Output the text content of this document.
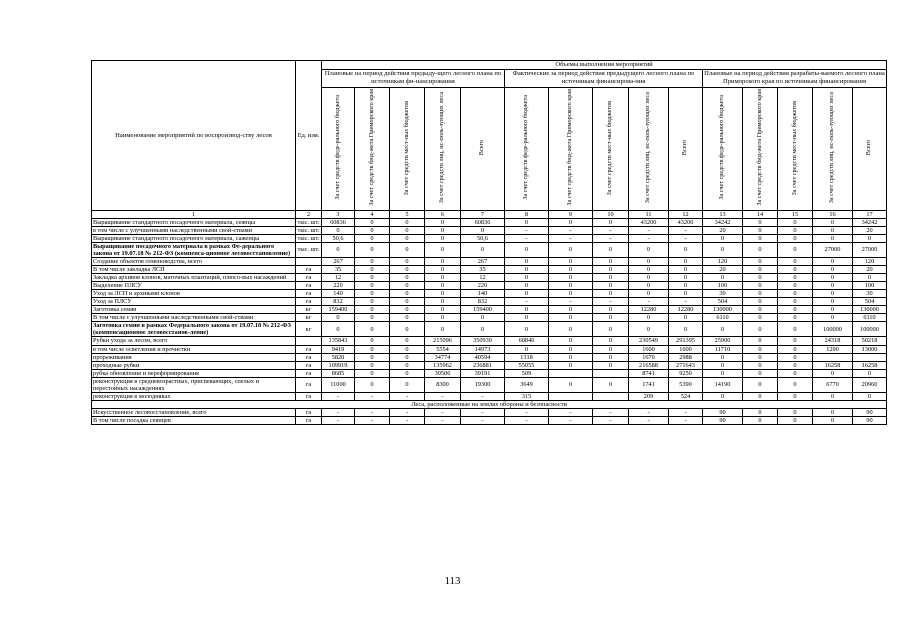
Наименование мероприятий по воспроизвод-ству лесов	Ед. изм.	Объемы выполнения мероприятий														
		Плановые на период действия предыду-щего лесного плана по источникам фи-нансирования					Фактические за период действия предыдущего лесного плана по источникам финансирова-ния					Плановые на период действия разрабаты-ваемого лесного плана Приморского края по источникам финансирования				
		За счет средств феде-рального бюджета	За счет средств бюд-жета Приморского края	За счет средств мест-ных бюджетов	За счет средств лиц, ис-поль-зующих леса	Всего	За счет средств феде-рального бюджета	За счет средств бюд-жета Приморского края	За счет средств мест-ных бюджетов	За счет средств лиц, ис-поль-зующих леса	Всего	За счет средств феде-рального бюджета	За счет средств бюд-жета Приморского края	За счет средств мест-ных бюджетов	За счет средств лиц, ис-поль-зующих леса	Всего
1	2	3	4	5	6	7	8	9	10	11	12	13	14	15	16	17
Выращивание стандартного посадочного материала, сеянцы	тыс. шт.	60836	0	0	0	60836	0	0	0	43200	43200	34242	0	0	0	34242
в том числе с улучшенными наследственными свой-ствами	тыс. шт.	0	0	0	0	0	-	-	-	-	-	20	0	0	0	20
Выращивание стандартного посадочного материала, саженцы	тыс. шт.	50,6	0	0	0	50,6	-	-	-	-	-	0	0	0	0	0
Выращивание посадочного материала в рамках Фе-дерального закона от 19.07.18 № 212-ФЗ (компенса-ционное лесовосстановление)	тыс. шт.	0	0	0	0	0	0	0	0	0	0	0	0	0	27000	27000
Создание объектов семеноводства, всего		267	0	0	0	267	0	0	0	0	0	120	0	0	0	120
В том числе закладка ЛСП	га	35	0	0	0	35	0	0	0	0	0	20	0	0	0	20
Закладка архивов клонов, маточных плантаций, плюсо-вых насаждений	га	12	0	0	0	12	0	0	0	0	0	0	0	0	0	0
Выделение ПЛСУ	га	220	0	0	0	220	0	0	0	0	0	100	0	0	0	100
Уход за ЛСП и архивами клонов	га	140	0	0	0	140	0	0	0	0	0	30	0	0	0	30
Уход за ПЛСУ	га	832	0	0	0	832	-	-	-	-	-	504	0	0	0	504
Заготовка семян	кг	159400	0	0	0	159400	0	0	0	12280	12280	130000	0	0	0	130000
В том числе с улучшенными наследственными свой-ствами	кг	0	0	0	0	0	0	0	0	0	0	6110	0	0	0	6110
Заготовка семян в рамках Федерального закона от 19.07.18 № 212-ФЗ (компенсационное лесовосстанов-ление)	кг	0	0	0	0	0	0	0	0	0	0	0	0	0	100000	100000
Рубки ухода за лесом, всего		135843	0	0	215096	350939	60846	0	0	230549	291395	25900	0	0	24318	50218
в том числе осветления и прочистки	га	9419	0	0	5554	14973	0	0	0	1600	1600	11710	0	0	1290	13000
прореживания	га	5820	0	0	34774	40594	1318	0	0	1670	2988	0	0	0		
проходные рубки	га	109919	0	0	135962	236881	55055	0	0	216588	271643	0	0	0	16258	16258
рубка обновления и переформирования	га	8685	0	0	30506	39191	509			8741	9250	0	0	0	0	0
реконструкция в средневозрастных, приспевающих, спелых и перестойных насаждениях	га	11000	0	0	8300	19300	3649	0	0	1741	5390	14190	0	0	6770	20960
реконструкция в молодняках	га	-	-	-	-	-	315			209	524	0	0	0	0	0
Леса, расположенные на землях обороны и безопасности																
Искусственное лесовосстановление, всего	га	-	-	-	-	-	-	-	-	-	-	90	0	0	0	90
В том числе посадка сеянцев	га	-	-	-	-	-	-	-	-	-	-	90	0	0	0	90
113
